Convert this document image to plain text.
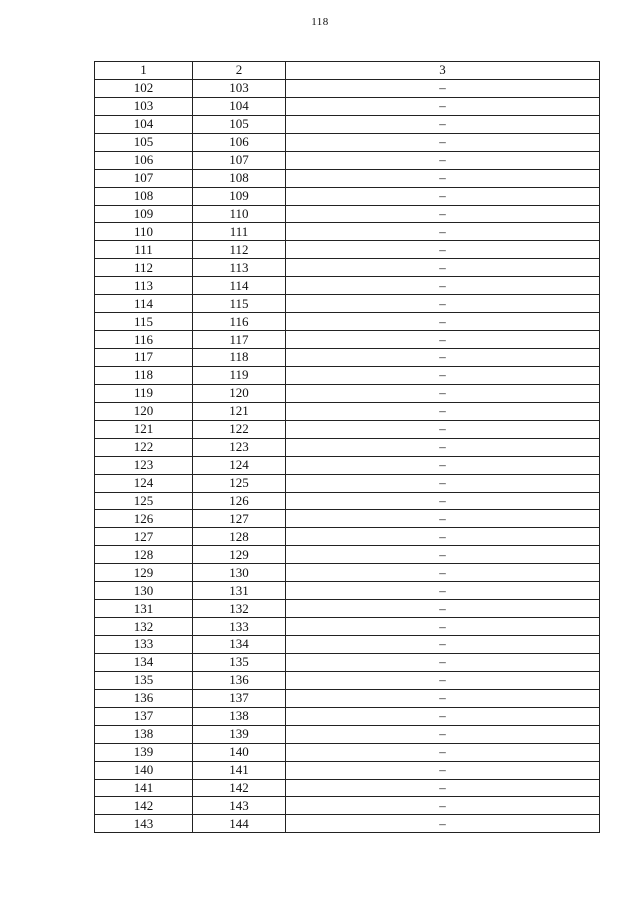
118
1	2	3
102	103	–
103	104	–
104	105	–
105	106	–
106	107	–
107	108	–
108	109	–
109	110	–
110	111	–
111	112	–
112	113	–
113	114	–
114	115	–
115	116	–
116	117	–
117	118	–
118	119	–
119	120	–
120	121	–
121	122	–
122	123	–
123	124	–
124	125	–
125	126	–
126	127	–
127	128	–
128	129	–
129	130	–
130	131	–
131	132	–
132	133	–
133	134	–
134	135	–
135	136	–
136	137	–
137	138	–
138	139	–
139	140	–
140	141	–
141	142	–
142	143	–
143	144	–
